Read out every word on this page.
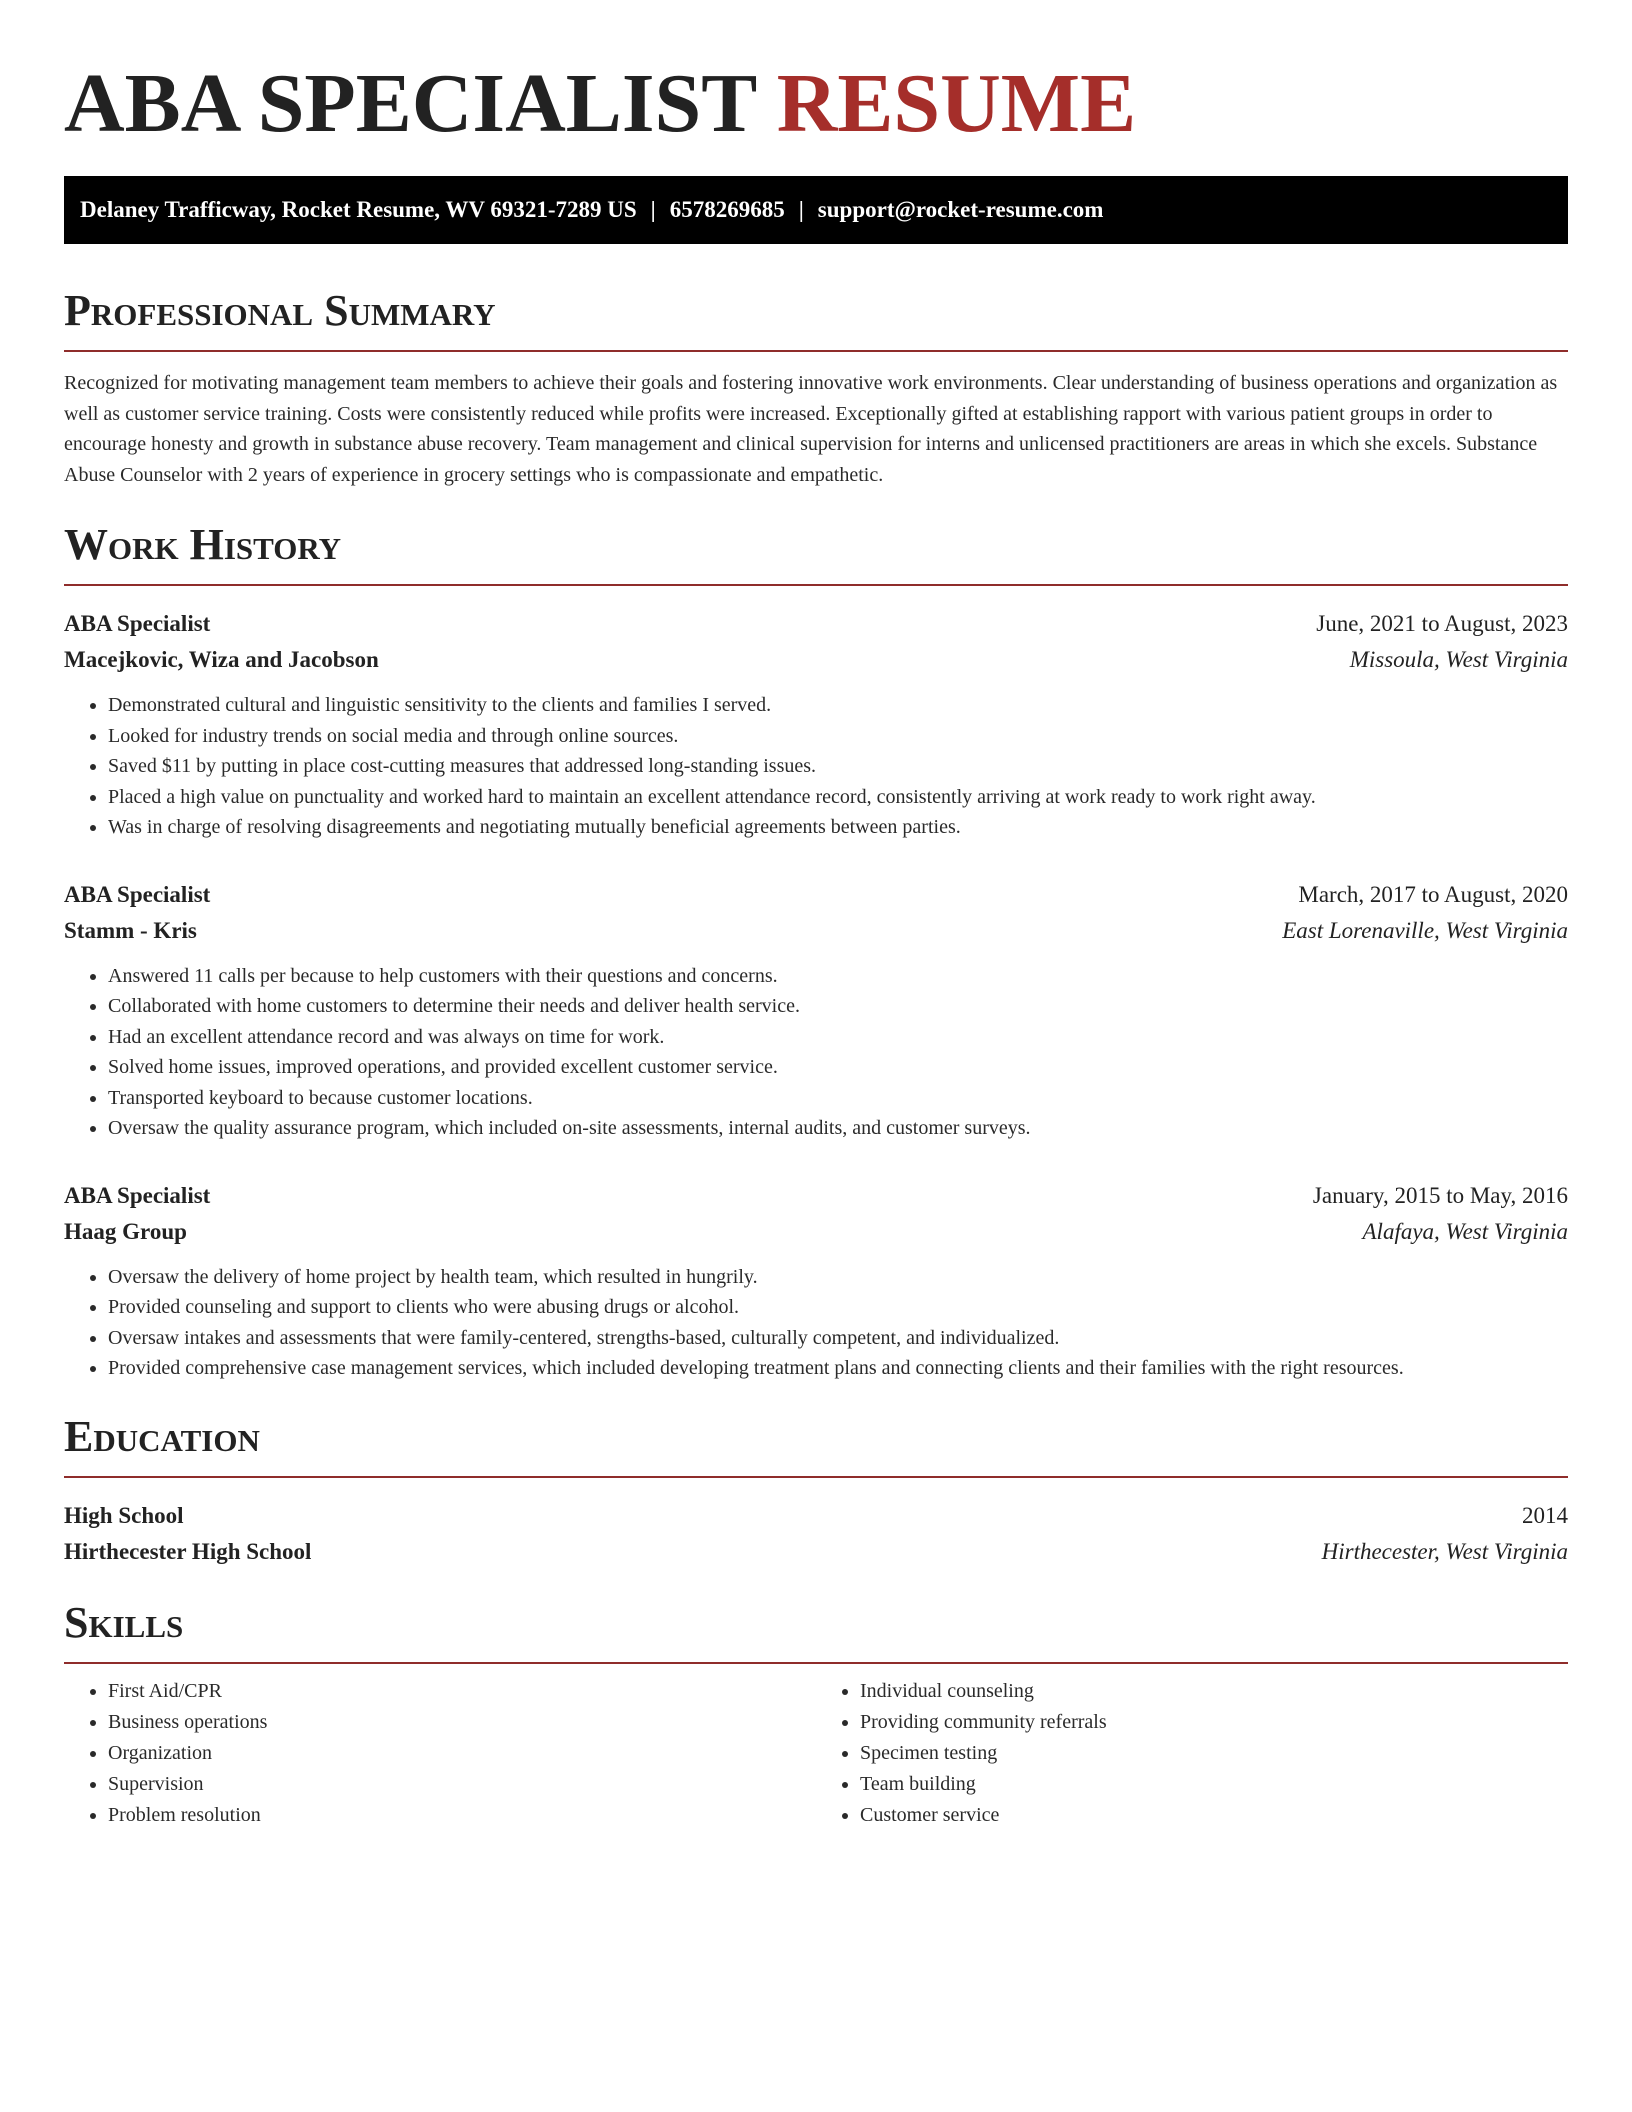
ABA SPECIALIST RESUME
Delaney Trafficway, Rocket Resume, WV 69321-7289 US | 6578269685 | support@rocket-resume.com
Professional Summary

Recognized for motivating management team members to achieve their goals and fostering innovative work environments. Clear understanding of business operations and organization as well as customer service training. Costs were consistently reduced while profits were increased. Exceptionally gifted at establishing rapport with various patient groups in order to encourage honesty and growth in substance abuse recovery. Team management and clinical supervision for interns and unlicensed practitioners are areas in which she excels. Substance Abuse Counselor with 2 years of experience in grocery settings who is compassionate and empathetic.

Work History
ABA Specialist	June, 2021 to August, 2023
Macejkovic, Wiza and Jacobson	Missoula, West Virginia
• Demonstrated cultural and linguistic sensitivity to the clients and families I served.
• Looked for industry trends on social media and through online sources.
• Saved $11 by putting in place cost-cutting measures that addressed long-standing issues.
• Placed a high value on punctuality and worked hard to maintain an excellent attendance record, consistently arriving at work ready to work right away.
• Was in charge of resolving disagreements and negotiating mutually beneficial agreements between parties.
ABA Specialist	March, 2017 to August, 2020
Stamm - Kris	East Lorenaville, West Virginia
• Answered 11 calls per because to help customers with their questions and concerns.
• Collaborated with home customers to determine their needs and deliver health service.
• Had an excellent attendance record and was always on time for work.
• Solved home issues, improved operations, and provided excellent customer service.
• Transported keyboard to because customer locations.
• Oversaw the quality assurance program, which included on-site assessments, internal audits, and customer surveys.
ABA Specialist	January, 2015 to May, 2016
Haag Group	Alafaya, West Virginia
• Oversaw the delivery of home project by health team, which resulted in hungrily.
• Provided counseling and support to clients who were abusing drugs or alcohol.
• Oversaw intakes and assessments that were family-centered, strengths-based, culturally competent, and individualized.
• Provided comprehensive case management services, which included developing treatment plans and connecting clients and their families with the right resources.
Education
High School	2014
Hirthecester High School	Hirthecester, West Virginia
Skills
• First Aid/CPR
• Business operations
• Organization
• Supervision
• Problem resolution
• Individual counseling
• Providing community referrals
• Specimen testing
• Team building
• Customer service
